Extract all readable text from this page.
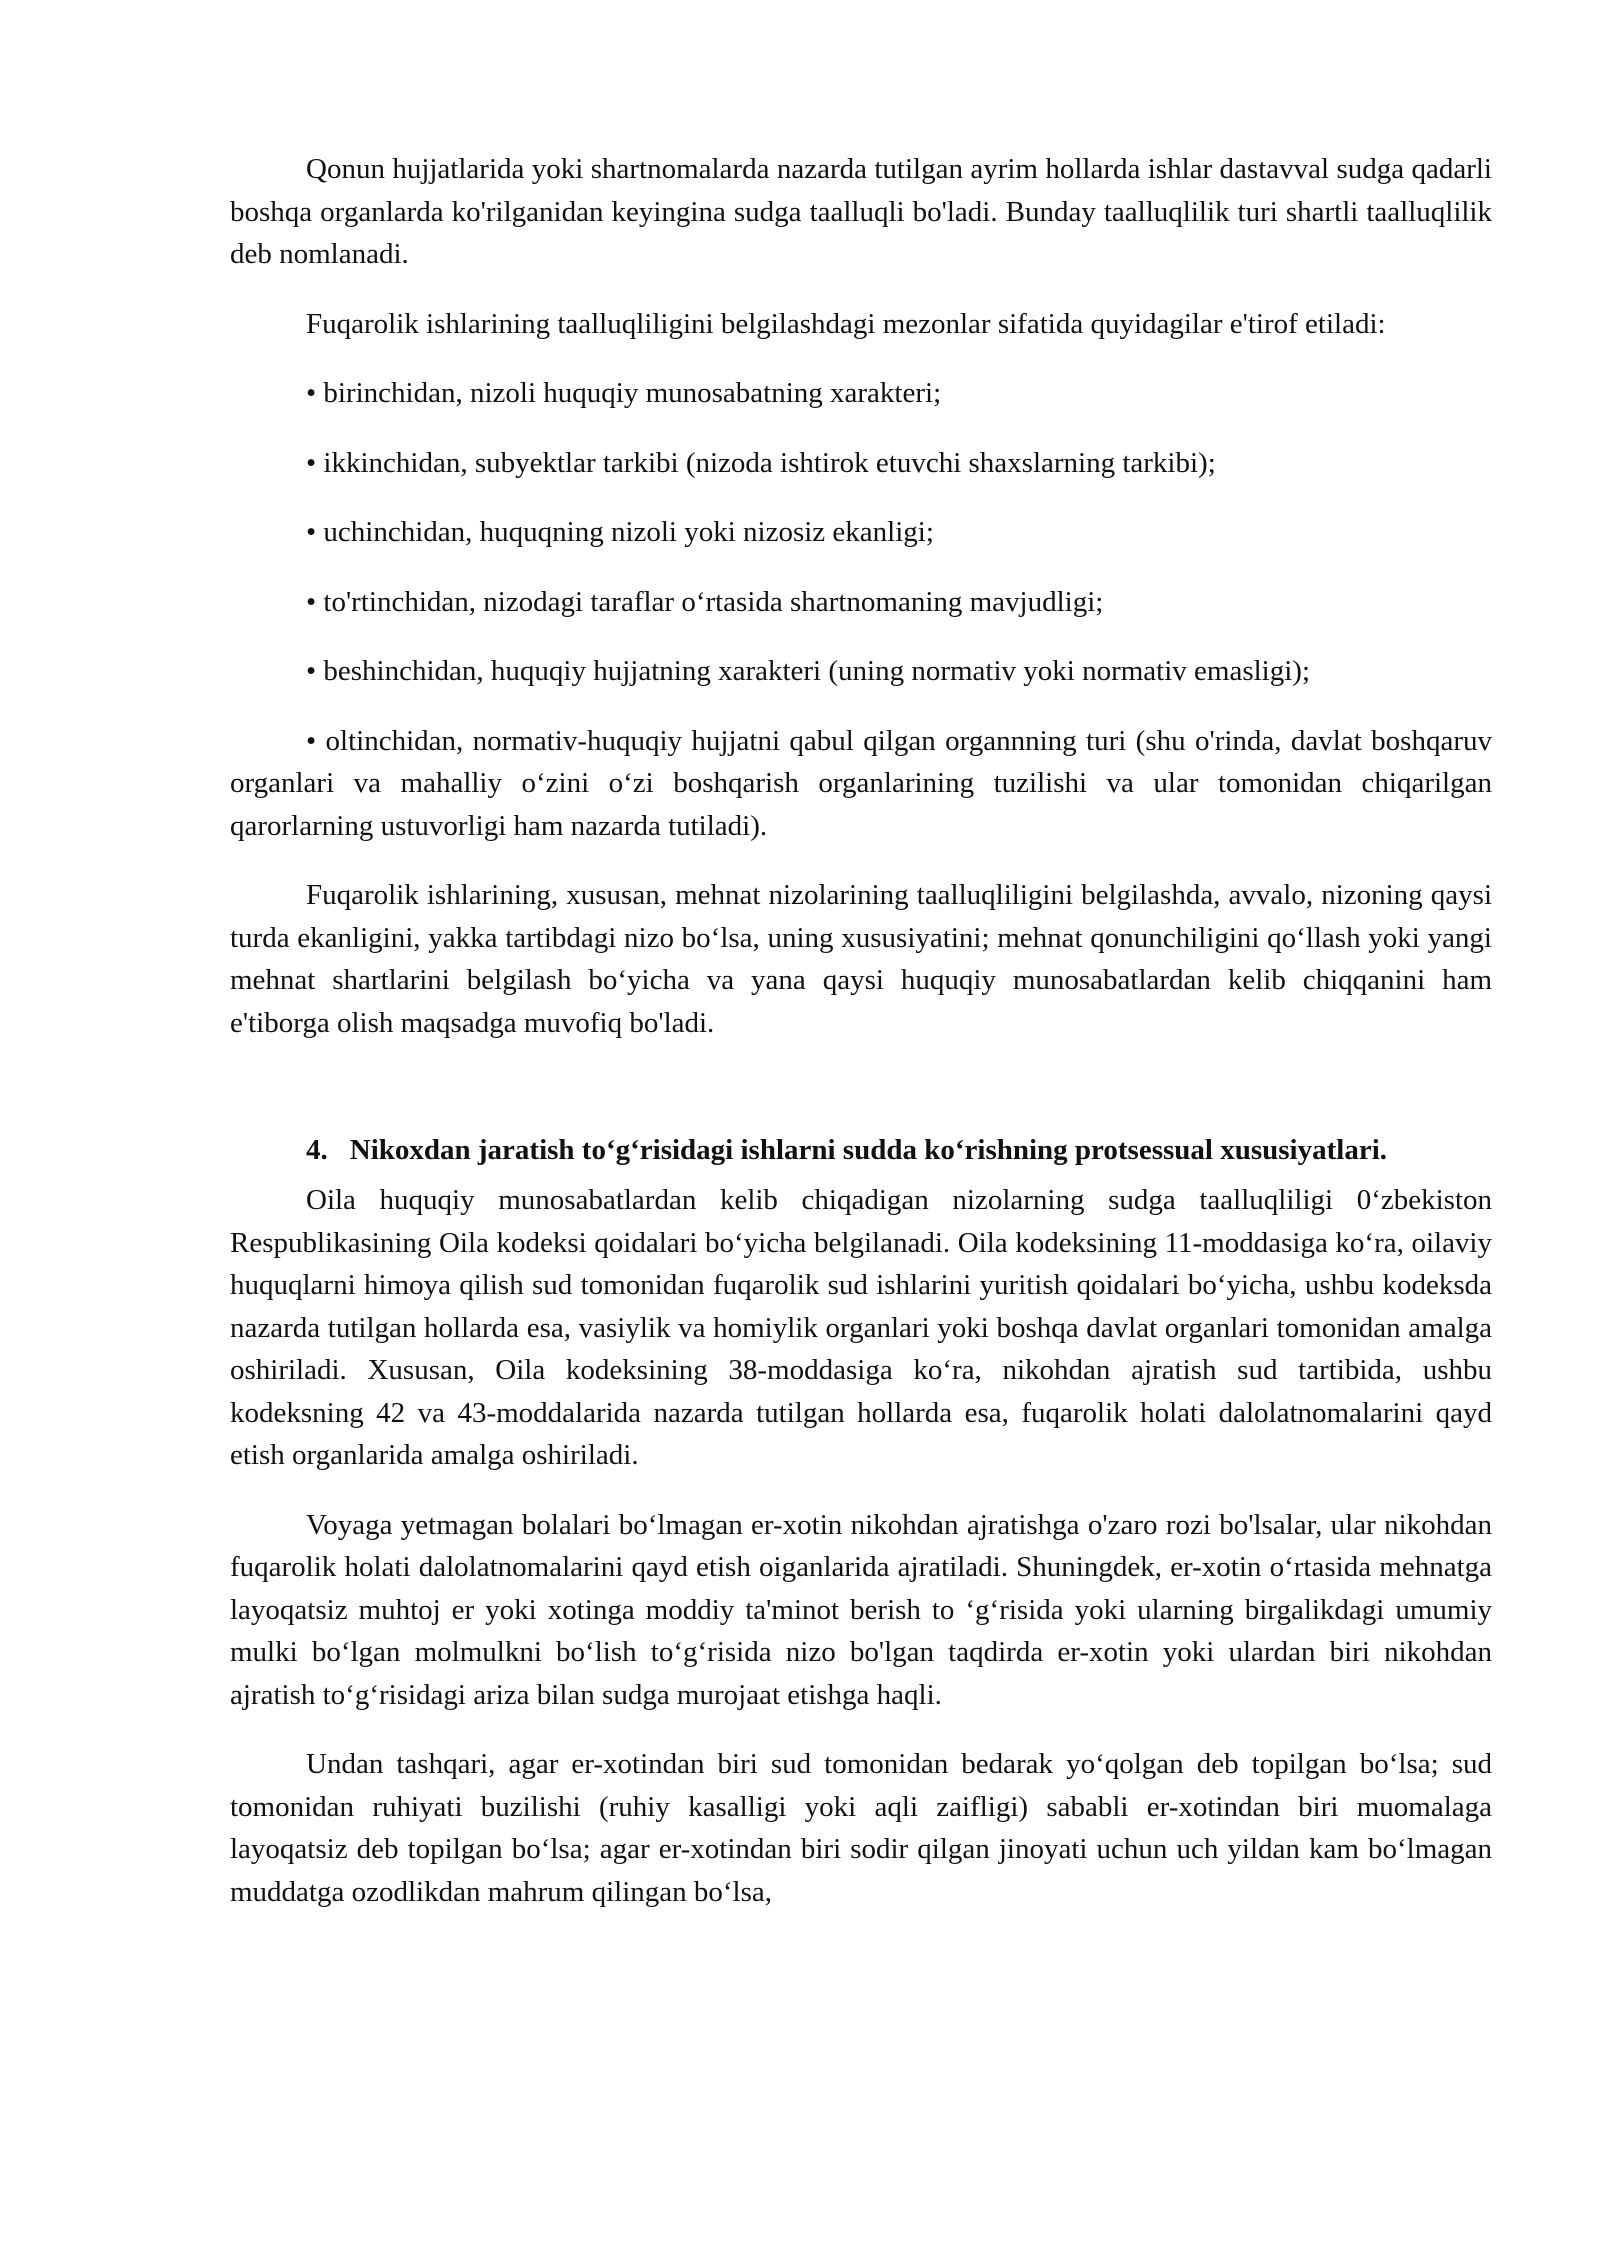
Qonun hujjatlarida yoki shartnomalarda nazarda tutilgan ayrim hollarda ishlar dastavval sudga qadarli boshqa organlarda ko'rilganidan keyingina sudga taalluqli bo'ladi. Bunday taalluqlilik turi shartli taalluqlilik deb nomlanadi.

Fuqarolik ishlarining taalluqliligini belgilashdagi mezonlar sifatida quyidagilar e'tirof etiladi:

• birinchidan, nizoli huquqiy munosabatning xarakteri;

• ikkinchidan, subyektlar tarkibi (nizoda ishtirok etuvchi shaxslarning tarkibi);

• uchinchidan, huquqning nizoli yoki nizosiz ekanligi;

• to'rtinchidan, nizodagi taraflar oʻrtasida shartnomaning mavjudligi;

• beshinchidan, huquqiy hujjatning xarakteri (uning normativ yoki normativ emasligi);

• oltinchidan, normativ-huquqiy hujjatni qabul qilgan organnning turi (shu o'rinda, davlat boshqaruv organlari va mahalliy oʻzini oʻzi boshqarish organlarining tuzilishi va ular tomonidan chiqarilgan qarorlarning ustuvorligi ham nazarda tutiladi).

Fuqarolik ishlarining, xususan, mehnat nizolarining taalluqliligini belgilashda, avvalo, nizoning qaysi turda ekanligini, yakka tartibdagi nizo boʻlsa, uning xususiyatini; mehnat qonunchiligini qoʻllash yoki yangi mehnat shartlarini belgilash boʻyicha va yana qaysi huquqiy munosabatlardan kelib chiqqanini ham e'tiborga olish maqsadga muvofiq bo'ladi.

4. Nikoxdan jaratish toʻgʻrisidagi ishlarni sudda koʻrishning protsessual xususiyatlari.

Oila huquqiy munosabatlardan kelib chiqadigan nizolarning sudga taalluqliligi 0ʻzbekiston Respublikasining Oila kodeksi qoidalari boʻyicha belgilanadi. Oila kodeksining 11-moddasiga koʻra, oilaviy huquqlarni himoya qilish sud tomonidan fuqarolik sud ishlarini yuritish qoidalari boʻyicha, ushbu kodeksda nazarda tutilgan hollarda esa, vasiylik va homiylik organlari yoki boshqa davlat organlari tomonidan amalga oshiriladi. Xususan, Oila kodeksining 38-moddasiga koʻra, nikohdan ajratish sud tartibida, ushbu kodeksning 42 va 43-moddalarida nazarda tutilgan hollarda esa, fuqarolik holati dalolatnomalarini qayd etish organlarida amalga oshiriladi.

Voyaga yetmagan bolalari boʻlmagan er-xotin nikohdan ajratishga o'zaro rozi bo'lsalar, ular nikohdan fuqarolik holati dalolatnomalarini qayd etish oiganlarida ajratiladi. Shuningdek, er-xotin oʻrtasida mehnatga layoqatsiz muhtoj er yoki xotinga moddiy ta'minot berish to ʻgʻrisida yoki ularning birgalikdagi umumiy mulki boʻlgan molmulkni boʻlish toʻgʻrisida nizo bo'lgan taqdirda er-xotin yoki ulardan biri nikohdan ajratish toʻgʻrisidagi ariza bilan sudga murojaat etishga haqli.

Undan tashqari, agar er-xotindan biri sud tomonidan bedarak yoʻqolgan deb topilgan boʻlsa; sud tomonidan ruhiyati buzilishi (ruhiy kasalligi yoki aqli zaifligi) sababli er-xotindan biri muomalaga layoqatsiz deb topilgan boʻlsa; agar er-xotindan biri sodir qilgan jinoyati uchun uch yildan kam boʻlmagan muddatga ozodlikdan mahrum qilingan boʻlsa,
